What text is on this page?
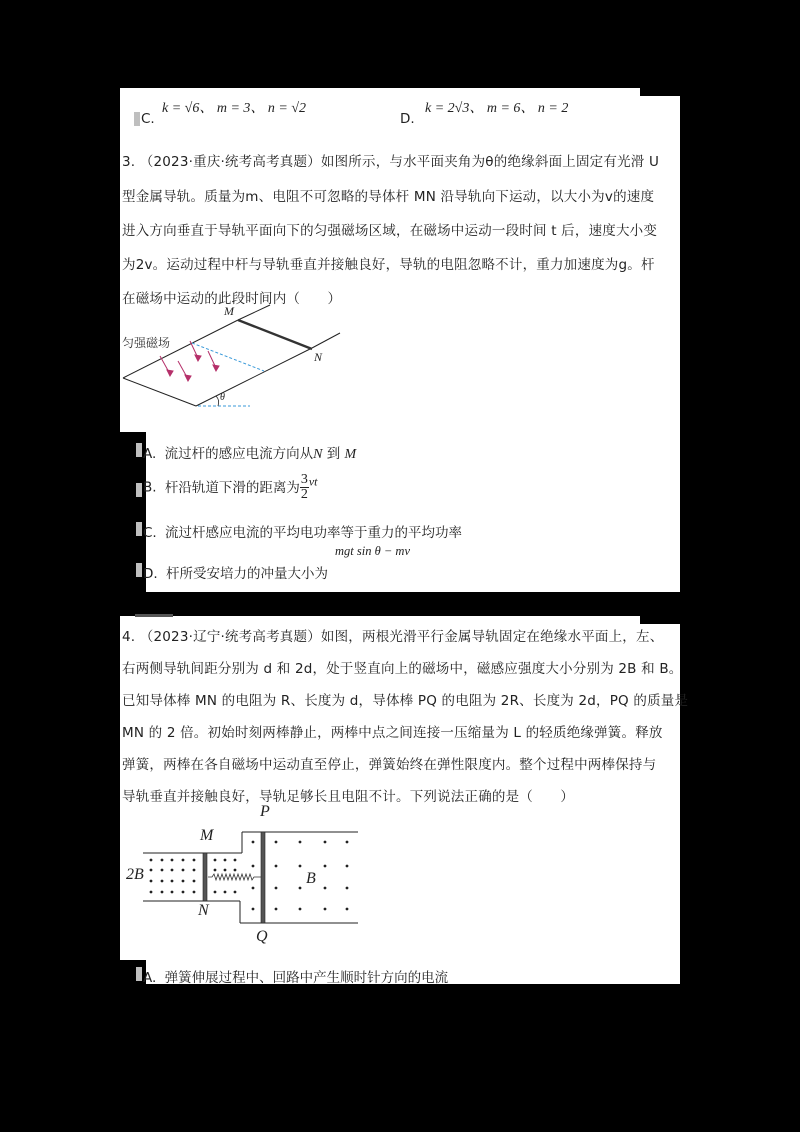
C.
k = √6、 m = 3、 n = √2
D.
k = 2√3、 m = 6、 n = 2
3. （2023·重庆·统考高考真题）如图所示，与水平面夹角为θ的绝缘斜面上固定有光滑 U
型金属导轨。质量为m、电阻不可忽略的导体杆 MN 沿导轨向下运动，以大小为v的速度
进入方向垂直于导轨平面向下的匀强磁场区域，在磁场中运动一段时间 t 后，速度大小变
为2v。运动过程中杆与导轨垂直并接触良好，导轨的电阻忽略不计，重力加速度为g。杆
在磁场中运动的此段时间内（　　）
匀强磁场
M
N
θ
A. 流过杆的感应电流方向从N 到 M
B. 杆沿轨道下滑的距离为 $\frac{3}{2}$ vt
C. 流过杆感应电流的平均电功率等于重力的平均功率
D. 杆所受安培力的冲量大小为
mgt sin θ − mv
4. （2023·辽宁·统考高考真题）如图，两根光滑平行金属导轨固定在绝缘水平面上，左、
右两侧导轨间距分别为 d 和 2d，处于竖直向上的磁场中，磁感应强度大小分别为 2B 和 B。
已知导体棒 MN 的电阻为 R、长度为 d，导体棒 PQ 的电阻为 2R、长度为 2d，PQ 的质量是
MN 的 2 倍。初始时刻两棒静止，两棒中点之间连接一压缩量为 L 的轻质绝缘弹簧。释放
弹簧，两棒在各自磁场中运动直至停止，弹簧始终在弹性限度内。整个过程中两棒保持与
导轨垂直并接触良好，导轨足够长且电阻不计。下列说法正确的是（　　）
M
N
P
Q
2B	B
A. 弹簧伸展过程中、回路中产生顺时针方向的电流
